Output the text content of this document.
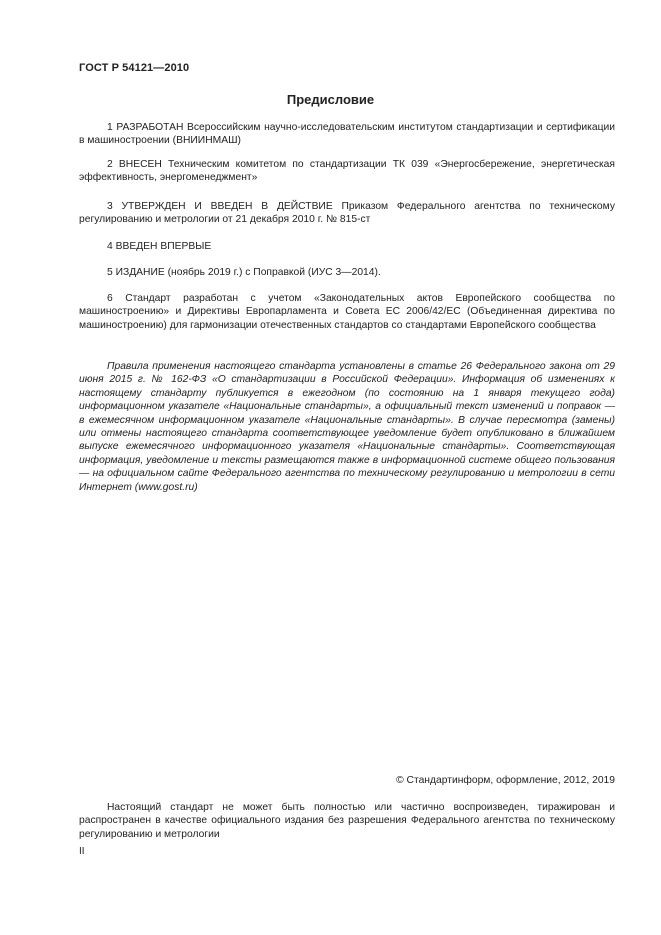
ГОСТ Р 54121—2010
Предисловие

1 РАЗРАБОТАН Всероссийским научно-исследовательским институтом стандартизации и сертификации в машиностроении (ВНИИНМАШ)

2 ВНЕСЕН Техническим комитетом по стандартизации ТК 039 «Энергосбережение, энергетическая эффективность, энергоменеджмент»

3 УТВЕРЖДЕН И ВВЕДЕН В ДЕЙСТВИЕ Приказом Федерального агентства по техническому регулированию и метрологии от 21 декабря 2010 г. № 815-ст

4 ВВЕДЕН ВПЕРВЫЕ

5 ИЗДАНИЕ (ноябрь 2019 г.) с Поправкой (ИУС 3—2014).

6 Стандарт разработан с учетом «Законодательных актов Европейского сообщества по машиностроению» и Директивы Европарламента и Совета ЕС 2006/42/ЕС (Объединенная директива по машиностроению) для гармонизации отечественных стандартов со стандартами Европейского сообщества

Правила применения настоящего стандарта установлены в статье 26 Федерального закона от 29 июня 2015 г. № 162-ФЗ «О стандартизации в Российской Федерации». Информация об изменениях к настоящему стандарту публикуется в ежегодном (по состоянию на 1 января текущего года) информационном указателе «Национальные стандарты», а официальный текст изменений и поправок — в ежемесячном информационном указателе «Национальные стандарты». В случае пересмотра (замены) или отмены настоящего стандарта соответствующее уведомление будет опубликовано в ближайшем выпуске ежемесячного информационного указателя «Национальные стандарты». Соответствующая информация, уведомление и тексты размещаются также в информационной системе общего пользования — на официальном сайте Федерального агентства по техническому регулированию и метрологии в сети Интернет (www.gost.ru)

© Стандартинформ, оформление, 2012, 2019

Настоящий стандарт не может быть полностью или частично воспроизведен, тиражирован и распространен в качестве официального издания без разрешения Федерального агентства по техническому регулированию и метрологии

II
